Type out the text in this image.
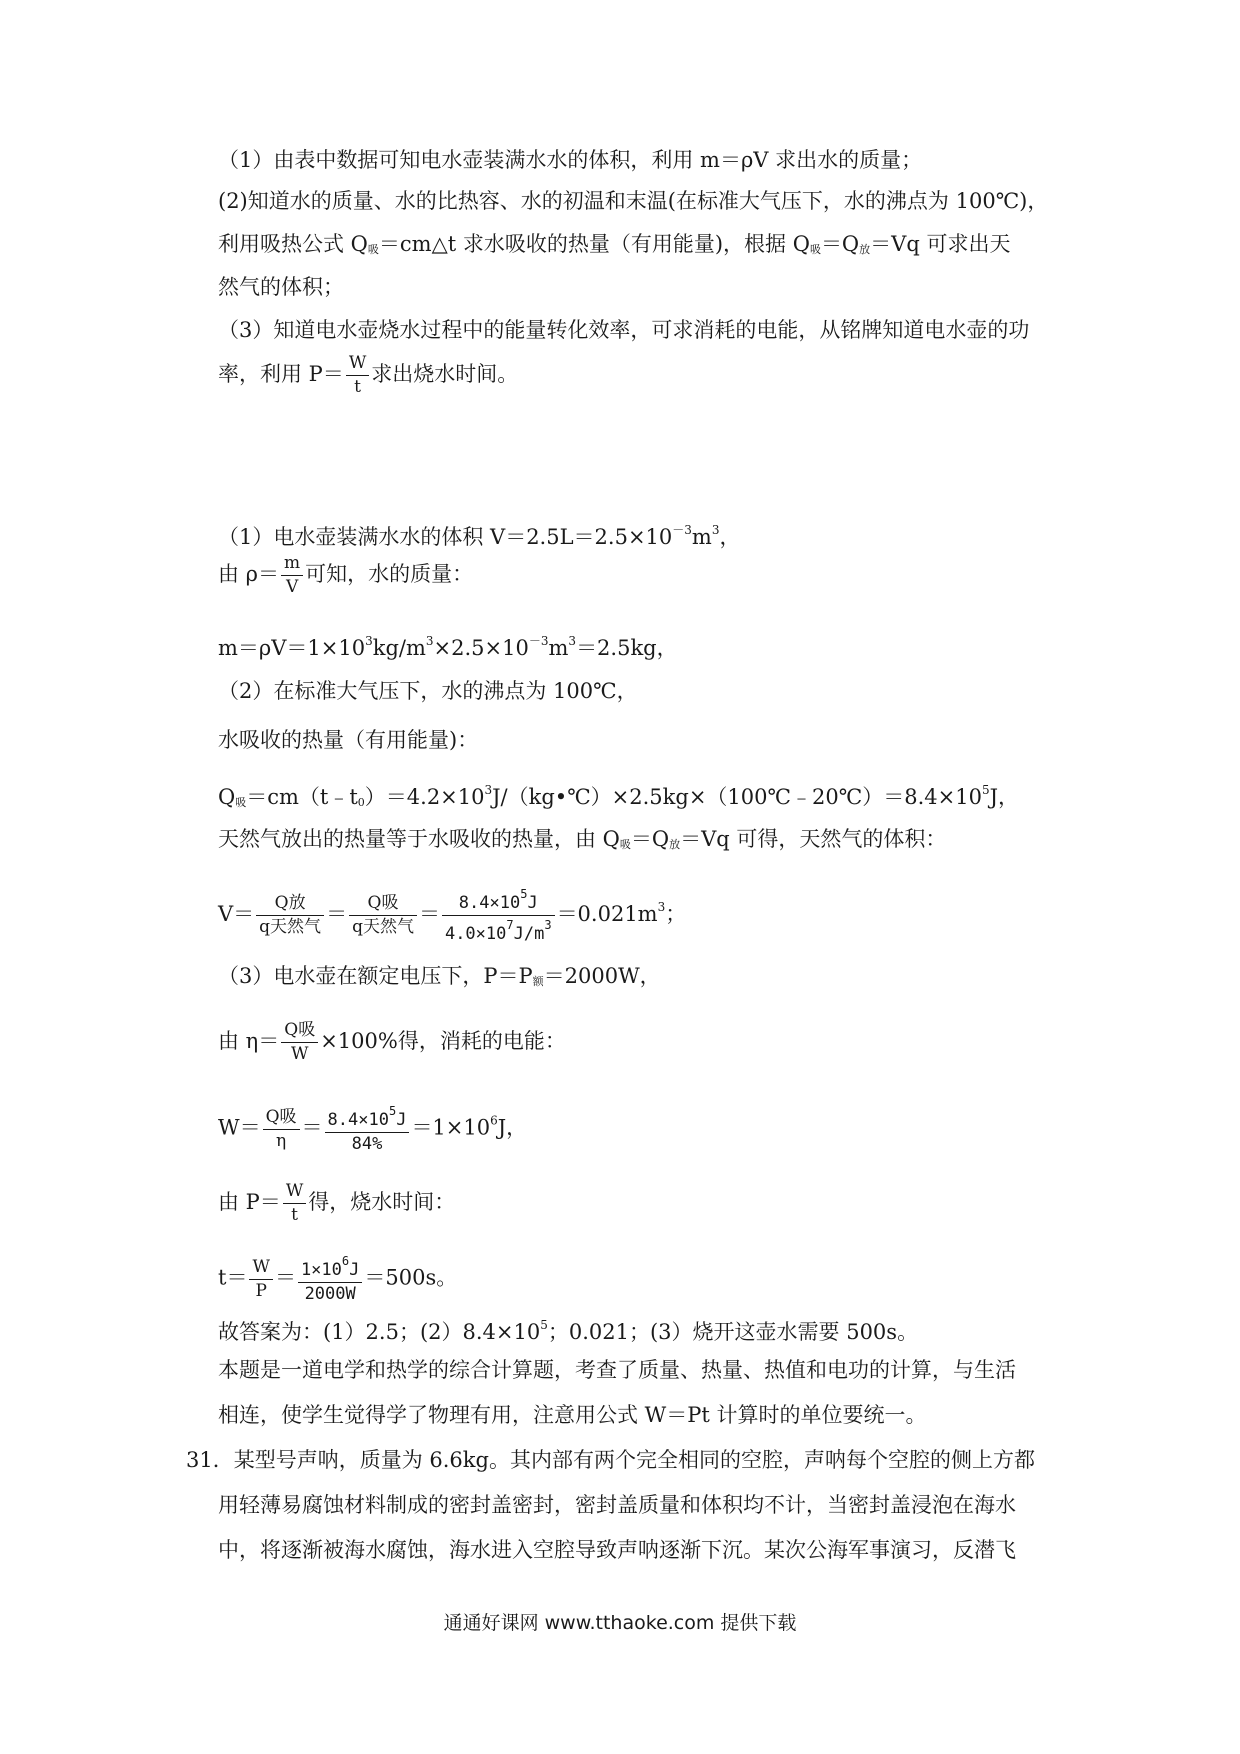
（1）由表中数据可知电水壶装满水水的体积，利用 m＝ρV 求出水的质量；
(2)知道水的质量、水的比热容、水的初温和末温(在标准大气压下，水的沸点为 100℃)，
利用吸热公式 Q吸＝cm△t 求水吸收的热量（有用能量)，根据 Q吸＝Q放＝Vq 可求出天
然气的体积；
（3）知道电水壶烧水过程中的能量转化效率，可求消耗的电能，从铭牌知道电水壶的功
率，利用 $P= \frac{W}{t}$ 求出烧水时间。
（1）电水壶装满水水的体积 $V=2.5L=2.5\times 10^{-3}m^3$，
由 $\rho= \frac{m}{V}$ 可知，水的质量：
$m=\rho V=1\times 10^3kg/m^3\times 2.5\times 10^{-3}m^3=2.5kg$，
（2）在标准大气压下，水的沸点为 100℃，
水吸收的热量（有用能量)：
Q吸$=cm(t﹣t0)=4.2\times 10^3J/(kg•℃)\times 2.5kg\times(100℃﹣20℃)=8.4\times 10^5J$，
天然气放出的热量等于水吸收的热量，由 Q吸＝Q放＝Vq 可得，天然气的体积：
$V= \frac{\text{Q放}}{\text{q天然气}} = \frac{\text{Q吸}}{\text{q天然气}} = \frac{8.4\times 10^5J}{4.0\times 10^7J/m^3} =0.021m^3$；
（3）电水壶在额定电压下，P＝P额＝2000W，
由 $\eta= \frac{\text{Q吸}}{W} \times 100\%$得，消耗的电能：
$W= \frac{\text{Q吸}}{\eta} = \frac{8.4\times 10^5J}{84\%} =1\times 10^6J$，
由 $P= \frac{W}{t}$ 得，烧水时间：
$t= \frac{W}{P} = \frac{1\times 10^6J}{2000W} =500s$。
故答案为：(1）2.5；$(2)8.4\times 10^5$；0.021；(3）烧开这壶水需要 500s。
本题是一道电学和热学的综合计算题，考查了质量、热量、热值和电功的计算，与生活
相连，使学生觉得学了物理有用，注意用公式 W＝Pt 计算时的单位要统一。
31．某型号声呐，质量为 6.6kg。其内部有两个完全相同的空腔，声呐每个空腔的侧上方都
用轻薄易腐蚀材料制成的密封盖密封，密封盖质量和体积均不计，当密封盖浸泡在海水
中，将逐渐被海水腐蚀，海水进入空腔导致声呐逐渐下沉。某次公海军事演习，反潜飞
通通好课网 www.tthaoke.com 提供下载
